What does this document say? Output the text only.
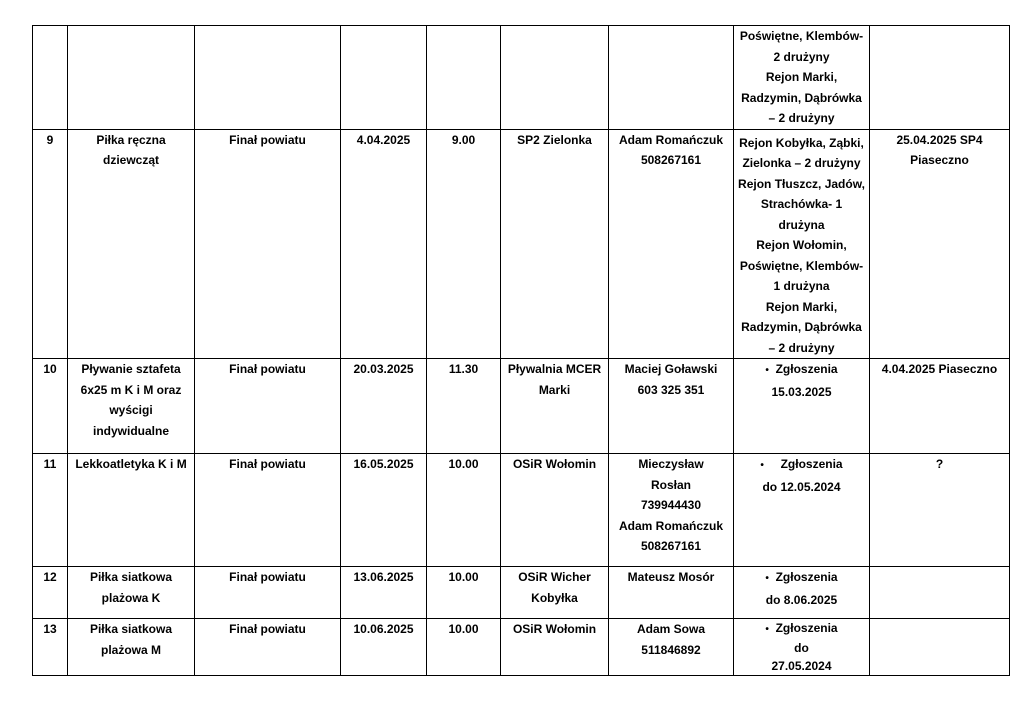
							Poświętne, Klembów- 2 drużyny
Rejon Marki, Radzymin, Dąbrówka – 2 drużyny	

9	Piłka ręczna dziewcząt	Finał powiatu	4.04.2025	9.00	SP2 Zielonka	Adam Romańczuk 508267161	Rejon Kobyłka, Ząbki, Zielonka – 2 drużyny
Rejon Tłuszcz, Jadów, Strachówka- 1 drużyna
Rejon Wołomin, Poświętne, Klembów- 1 drużyna
Rejon Marki, Radzymin, Dąbrówka – 2 drużyny	25.04.2025 SP4 Piaseczno
10	Pływanie sztafeta 6x25 m K i M oraz wyścigi indywidualne	Finał powiatu	20.03.2025	11.30	Pływalnia MCER Marki	Maciej Goławski 603 325 351	• Zgłoszenia
15.03.2025	4.04.2025 Piaseczno
11	Lekkoatletyka K i M	Finał powiatu	16.05.2025	10.00	OSiR Wołomin	Mieczysław
Rosłan
739944430
Adam Romańczuk
508267161	• Zgłoszenia
do 12.05.2024	?
12	Piłka siatkowa plażowa K	Finał powiatu	13.06.2025	10.00	OSiR Wicher Kobyłka	Mateusz Mosór	• Zgłoszenia
do 8.06.2025	

13	Piłka siatkowa plażowa M	Finał powiatu	10.06.2025	10.00	OSiR Wołomin	Adam Sowa 511846892	• Zgłoszenia
do
27.05.2024	
